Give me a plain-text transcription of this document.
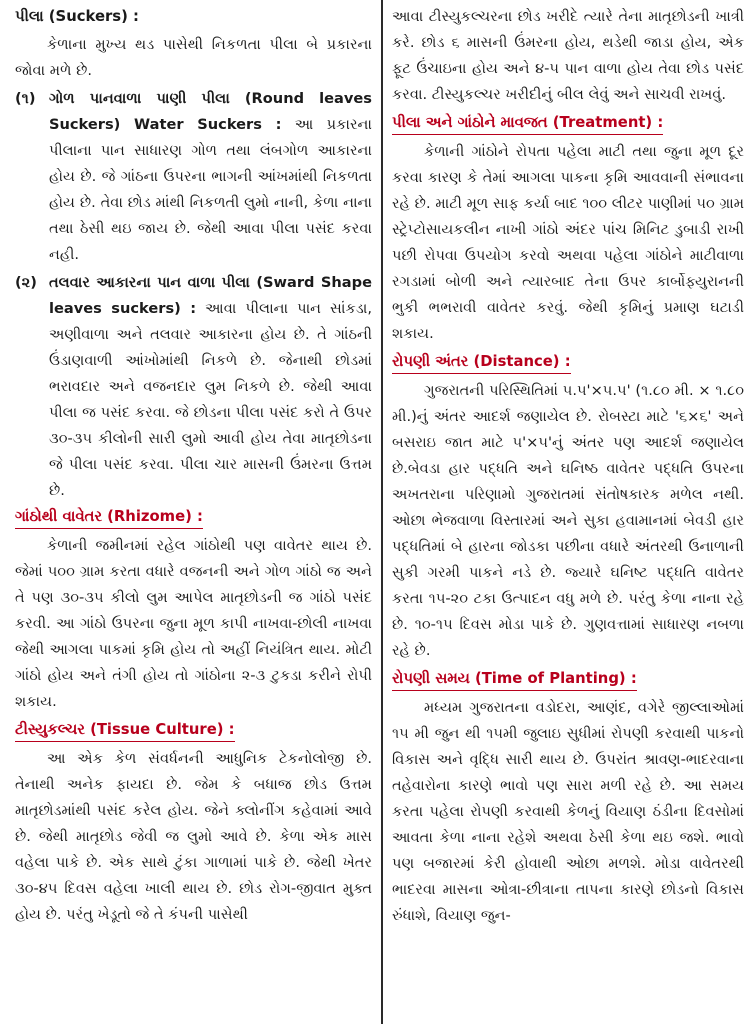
પીલા (Suckers) :

કેળાના મુખ્ય થડ પાસેથી નિકળતા પીલા બે પ્રકારના જોવા મળે છે.

(૧) ગોળ પાનવાળા પાણી પીલા (Round leaves Suckers) Water Suckers : આ પ્રકારના પીલાના પાન સાધારણ ગોળ તથા લંબગોળ આકારના હોય છે. જે ગાંઠના ઉપરના ભાગની આંખમાંથી નિકળતા હોય છે. તેવા છોડ માંથી નિકળતી લુમો નાની, કેળા નાના તથા ઠેસી થઇ જાય છે. જેથી આવા પીલા પસંદ કરવા નહી.
(૨) તલવાર આકારના પાન વાળા પીલા (Sward Shape leaves suckers) : આવા પીલાના પાન સાંકડા, અણીવાળા અને તલવાર આકારના હોય છે. તે ગાંઠની ઉંડાણવાળી આંખોમાંથી નિકળે છે. જેનાથી છોડમાં ભરાવદાર અને વજનદાર લુમ નિકળે છે. જેથી આવા પીલા જ પસંદ કરવા. જે છોડના પીલા પસંદ કરો તે ઉપર ૩૦-૩૫ કીલોની સારી લુમો આવી હોય તેવા માતૃછોડના જે પીલા પસંદ કરવા. પીલા ચાર માસની ઉંમરના ઉત્તમ છે.
ગાંઠોથી વાવેતર (Rhizome) :

કેળાની જમીનમાં રહેલ ગાંઠોથી પણ વાવેતર થાય છે. જેમાં ૫૦૦ ગ્રામ કરતા વધારે વજનની અને ગોળ ગાંઠો જ અને તે પણ ૩૦-૩૫ કીલો લુમ આપેલ માતૃછોડની જ ગાંઠો પસંદ કરવી. આ ગાંઠો ઉપરના જુના મૂળ કાપી નાખવા-છોલી નાખવા જેથી આગલા પાકમાં કૃમિ હોય તો અહીં નિયંત્રિત થાય. મોટી ગાંઠો હોય અને તંગી હોય તો ગાંઠોના ૨-૩ ટુકડા કરીને રોપી શકાય.

ટીસ્યુકલ્ચર (Tissue Culture) :

આ એક કેળ સંવર્ધનની આધુનિક ટેકનોલોજી છે. તેનાથી અનેક ફાયદા છે. જેમ કે બધાજ છોડ ઉત્તમ માતૃછોડમાંથી પસંદ કરેલ હોય. જેને ક્લોનીંગ કહેવામાં આવે છે. જેથી માતૃછોડ જેવી જ લુમો આવે છે. કેળા એક માસ વહેલા પાકે છે. એક સાથે ટુંકા ગાળામાં પાકે છે. જેથી ખેતર ૩૦-૪૫ દિવસ વહેલા ખાલી થાય છે. છોડ રોગ-જીવાત મુક્ત હોય છે. પરંતુ ખેડૂતો જે તે કંપની પાસેથી

આવા ટીસ્યુકલ્ચરના છોડ ખરીદે ત્યારે તેના માતૃછોડની ખાત્રી કરે. છોડ ૬ માસની ઉંમરના હોય, થડેથી જાડા હોય, એક ફૂટ ઉંચાઇના હોય અને ૪-૫ પાન વાળા હોય તેવા છોડ પસંદ કરવા. ટીસ્યુકલ્ચર ખરીદીનું બીલ લેવું અને સાચવી રાખવું.

પીલા અને ગાંઠોને માવજત (Treatment) :

કેળાની ગાંઠોને રોપતા પહેલા માટી તથા જુના મૂળ દૂર કરવા કારણ કે તેમાં આગલા પાકના કૃમિ આવવાની સંભાવના રહે છે. માટી મૂળ સાફ કર્યા બાદ ૧૦૦ લીટર પાણીમાં ૫૦ ગ્રામ સ્ટ્રેપ્ટોસાયકલીન નાખી ગાંઠો અંદર પાંચ મિનિટ ડુબાડી રાખી પછી રોપવા ઉપયોગ કરવો અથવા પહેલા ગાંઠોને માટીવાળા રગડામાં બોળી અને ત્યારબાદ તેના ઉપર કાર્બોફ્યુરાનની ભુકી ભભરાવી વાવેતર કરવું. જેથી કૃમિનું પ્રમાણ ઘટાડી શકાય.

રોપણી અંતર (Distance) :

ગુજરાતની પરિસ્થિતિમાં ૫.૫'×૫.૫' (૧.૮૦ મી. × ૧.૮૦ મી.)નું અંતર આદર્શ જણાયેલ છે. રોબસ્ટા માટે '૬×૬' અને બસરાઇ જાત માટે ૫'×૫'નું અંતર પણ આદર્શ જણાયેલ છે.બેવડા હાર પદ્ધતિ અને ઘનિષ્ઠ વાવેતર પદ્ધતિ ઉપરના અખતરાના પરિણામો ગુજરાતમાં સંતોષકારક મળેલ નથી. ઓછા ભેજવાળા વિસ્તારમાં અને સુકા હવામાનમાં બેવડી હાર પદ્ધતિમાં બે હારના જોડકા પછીના વધારે અંતરથી ઉનાળાની સુકી ગરમી પાકને નડે છે. જ્યારે ઘનિષ્ટ પદ્ધતિ વાવેતર કરતા ૧૫-૨૦ ટકા ઉત્પાદન વધુ મળે છે. પરંતુ કેળા નાના રહે છે. ૧૦-૧૫ દિવસ મોડા પાકે છે. ગુણવત્તામાં સાધારણ નબળા રહે છે.

રોપણી સમય (Time of Planting) :

મધ્યમ ગુજરાતના વડોદરા, આણંદ, વગેરે જીલ્લાઓમાં ૧૫ મી જુન થી ૧૫મી જુલાઇ સુધીમાં રોપણી કરવાથી પાકનો વિકાસ અને વૃદ્ધિ સારી થાય છે. ઉપરાંત શ્રાવણ-ભાદરવાના તહેવારોના કારણે ભાવો પણ સારા મળી રહે છે. આ સમય કરતા પહેલા રોપણી કરવાથી કેળનું વિયાણ ઠંડીના દિવસોમાં આવતા કેળા નાના રહેશે અથવા ઠેસી કેળા થઇ જશે. ભાવો પણ બજારમાં કેરી હોવાથી ઓછા મળશે. મોડા વાવેતરથી ભાદરવા માસના ઓત્રા-છીત્રાના તાપના કારણે છોડનો વિકાસ રુંધાશે, વિયાણ જુન-
